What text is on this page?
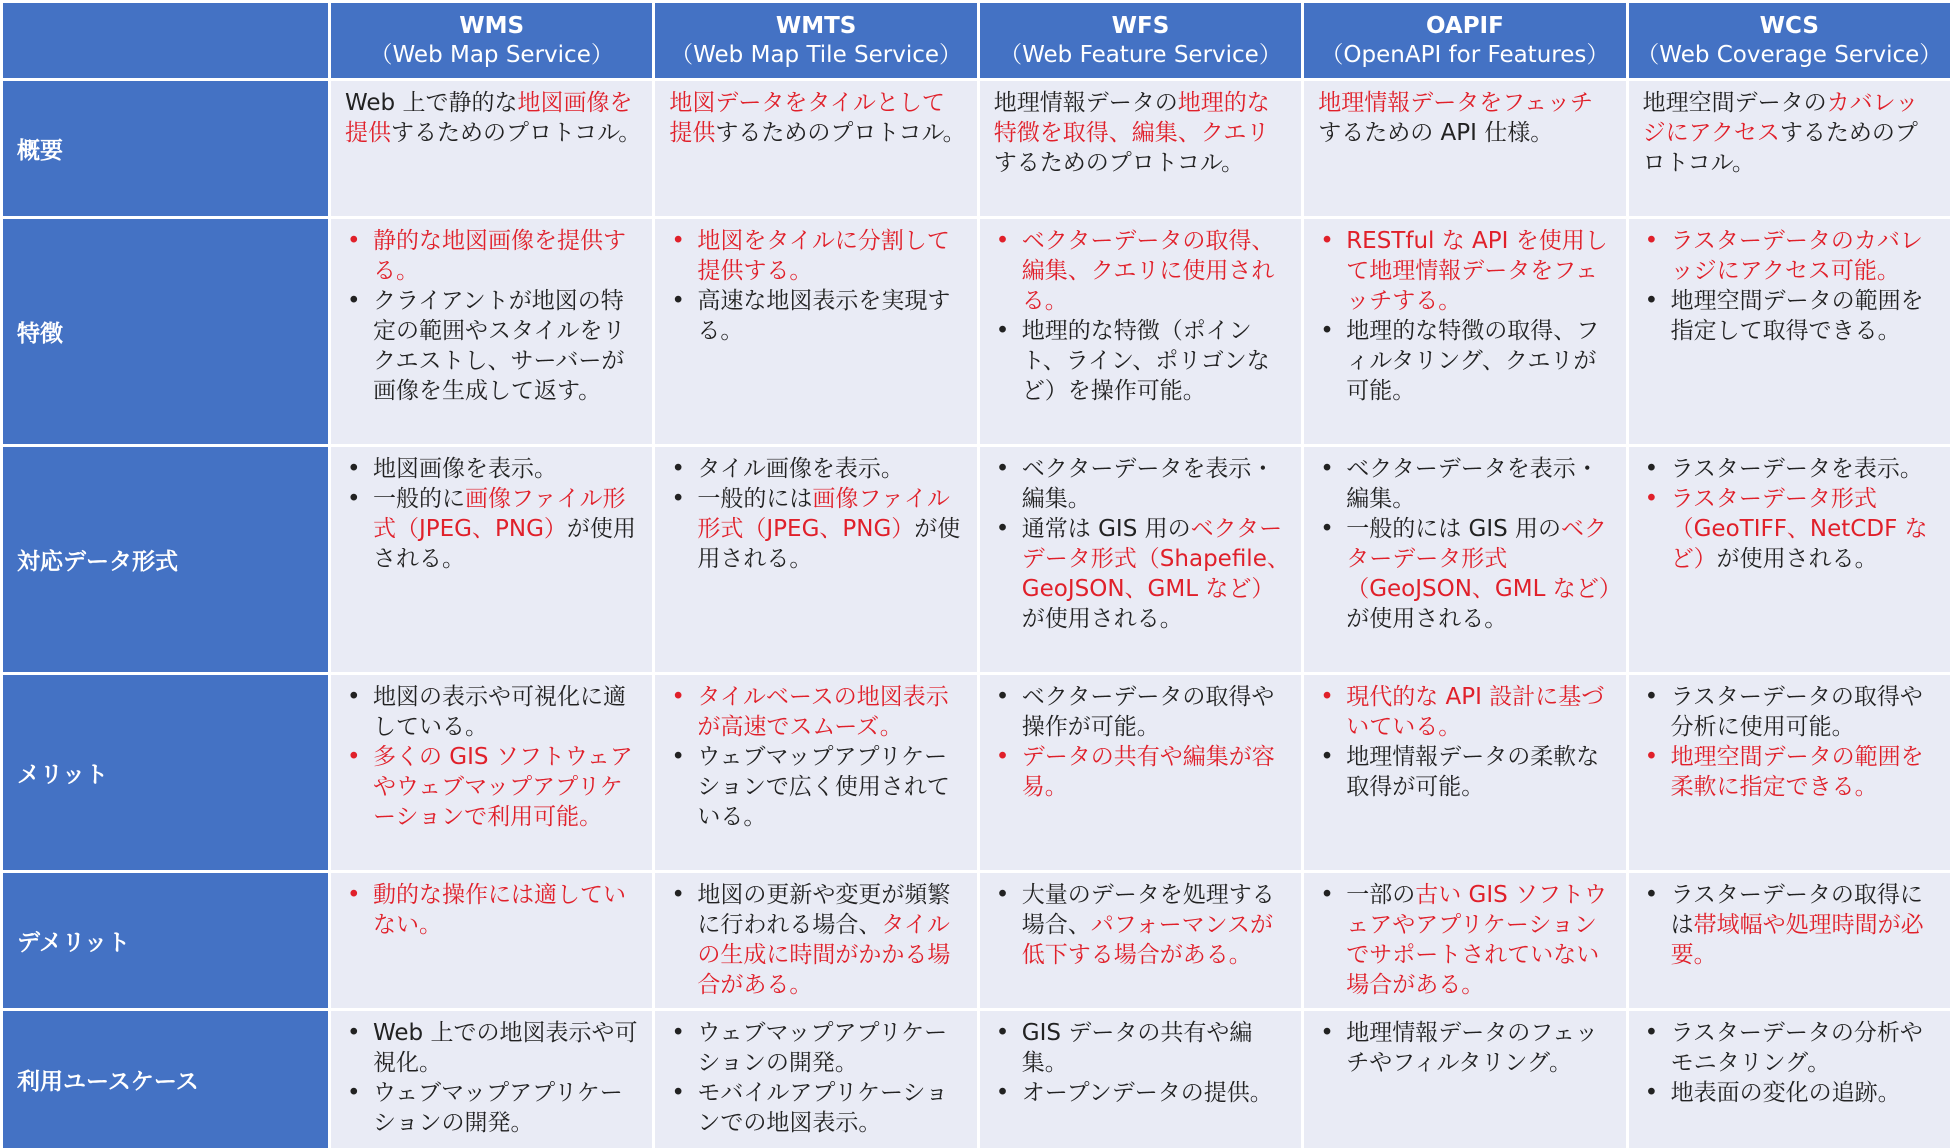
WMS
（Web Map Service）
WMTS
（Web Map Tile Service）
WFS
（Web Feature Service）
OAPIF
（OpenAPI for Features）
WCS
（Web Coverage Service）
概要
Web 上で静的な地図画像を提供するためのプロトコル。
地図データをタイルとして提供するためのプロトコル。
地理情報データの地理的な特徴を取得、編集、クエリするためのプロトコル。
地理情報データをフェッチするための API 仕様。
地理空間データのカバレッジにアクセスするためのプロトコル。
特徴
• 静的な地図画像を提供する。
• クライアントが地図の特定の範囲やスタイルをリクエストし、サーバーが画像を生成して返す。
• 地図をタイルに分割して提供する。
• 高速な地図表示を実現する。
• ベクターデータの取得、編集、クエリに使用される。
• 地理的な特徴（ポイント、ライン、ポリゴンなど）を操作可能。
• RESTful な API を使用して地理情報データをフェッチする。
• 地理的な特徴の取得、フィルタリング、クエリが可能。
• ラスターデータのカバレッジにアクセス可能。
• 地理空間データの範囲を指定して取得できる。
対応データ形式
• 地図画像を表示。
• 一般的に画像ファイル形式（JPEG、PNG）が使用される。
• タイル画像を表示。
• 一般的には画像ファイル形式（JPEG、PNG）が使用される。
• ベクターデータを表示・編集。
• 通常は GIS 用のベクターデータ形式（Shapefile、GeoJSON、GML など）が使用される。
• ベクターデータを表示・編集。
• 一般的には GIS 用のベクターデータ形式（GeoJSON、GML など）が使用される。
• ラスターデータを表示。
• ラスターデータ形式（GeoTIFF、NetCDF など）が使用される。
メリット
• 地図の表示や可視化に適している。
• 多くの GIS ソフトウェアやウェブマップアプリケーションで利用可能。
• タイルベースの地図表示が高速でスムーズ。
• ウェブマップアプリケーションで広く使用されている。
• ベクターデータの取得や操作が可能。
• データの共有や編集が容易。
• 現代的な API 設計に基づいている。
• 地理情報データの柔軟な取得が可能。
• ラスターデータの取得や分析に使用可能。
• 地理空間データの範囲を柔軟に指定できる。
デメリット
• 動的な操作には適していない。
• 地図の更新や変更が頻繁に行われる場合、タイルの生成に時間がかかる場合がある。
• 大量のデータを処理する場合、パフォーマンスが低下する場合がある。
• 一部の古い GIS ソフトウェアやアプリケーションでサポートされていない場合がある。
• ラスターデータの取得には帯域幅や処理時間が必要。
利用ユースケース
• Web 上での地図表示や可視化。
• ウェブマップアプリケーションの開発。
• ウェブマップアプリケーションの開発。
• モバイルアプリケーションでの地図表示。
• GIS データの共有や編集。
• オープンデータの提供。
• 地理情報データのフェッチやフィルタリング。
• ラスターデータの分析やモニタリング。
• 地表面の変化の追跡。
